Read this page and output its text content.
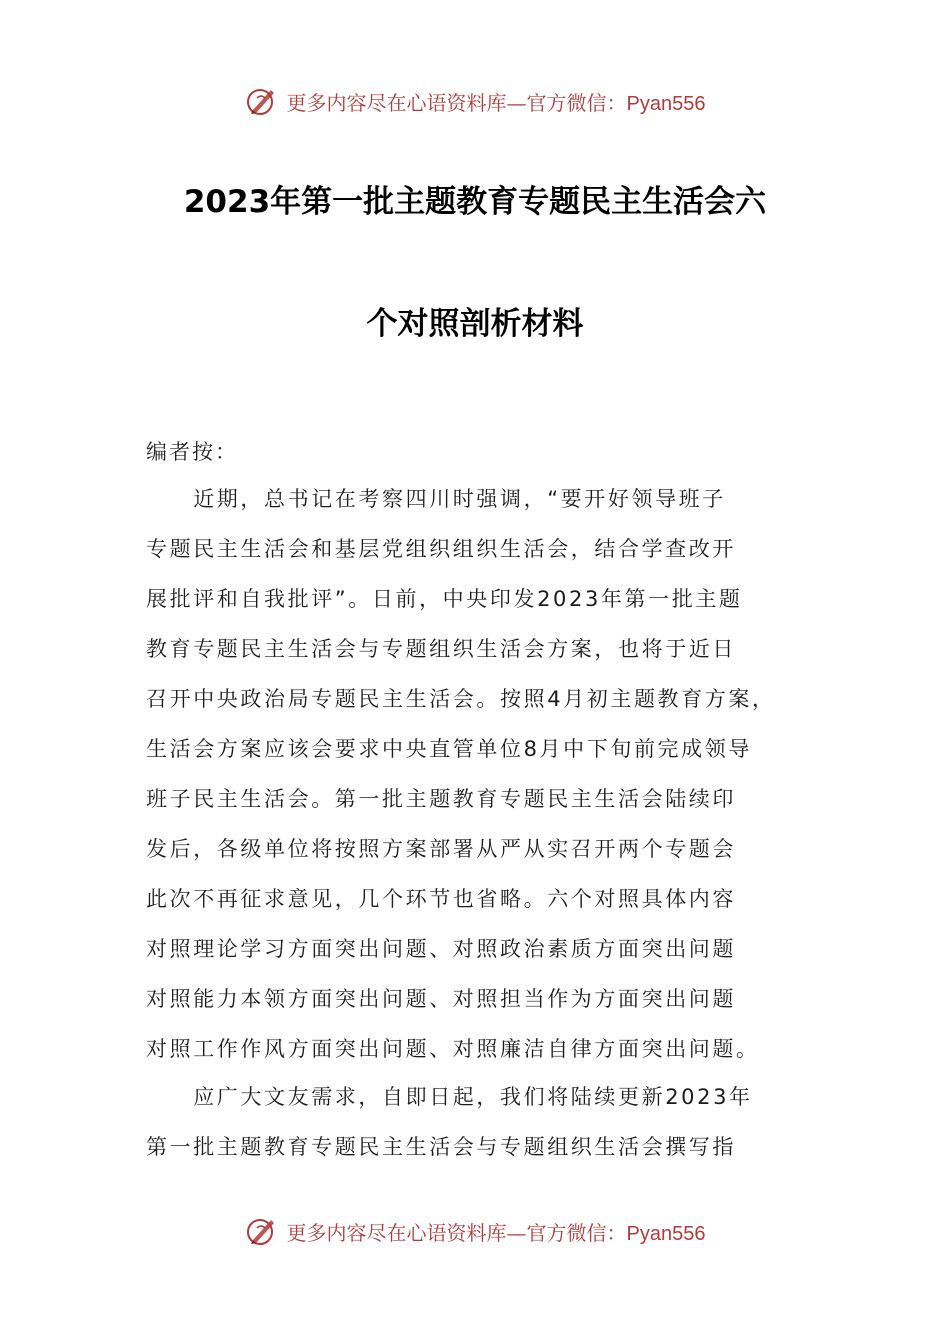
更多内容尽在心语资料库—官方微信：Pyan556
2023年第一批主题教育专题民主生活会六
个对照剖析材料
编者按：
　　近期，总书记在考察四川时强调，“要开好领导班子
专题民主生活会和基层党组织组织生活会，结合学查改开
展批评和自我批评”。日前，中央印发2023年第一批主题
教育专题民主生活会与专题组织生活会方案，也将于近日
召开中央政治局专题民主生活会。按照4月初主题教育方案，
生活会方案应该会要求中央直管单位8月中下旬前完成领导
班子民主生活会。第一批主题教育专题民主生活会陆续印
发后，各级单位将按照方案部署从严从实召开两个专题会
此次不再征求意见，几个环节也省略。六个对照具体内容
对照理论学习方面突出问题、对照政治素质方面突出问题
对照能力本领方面突出问题、对照担当作为方面突出问题
对照工作作风方面突出问题、对照廉洁自律方面突出问题。
　　应广大文友需求，自即日起，我们将陆续更新2023年
第一批主题教育专题民主生活会与专题组织生活会撰写指
更多内容尽在心语资料库—官方微信：Pyan556
